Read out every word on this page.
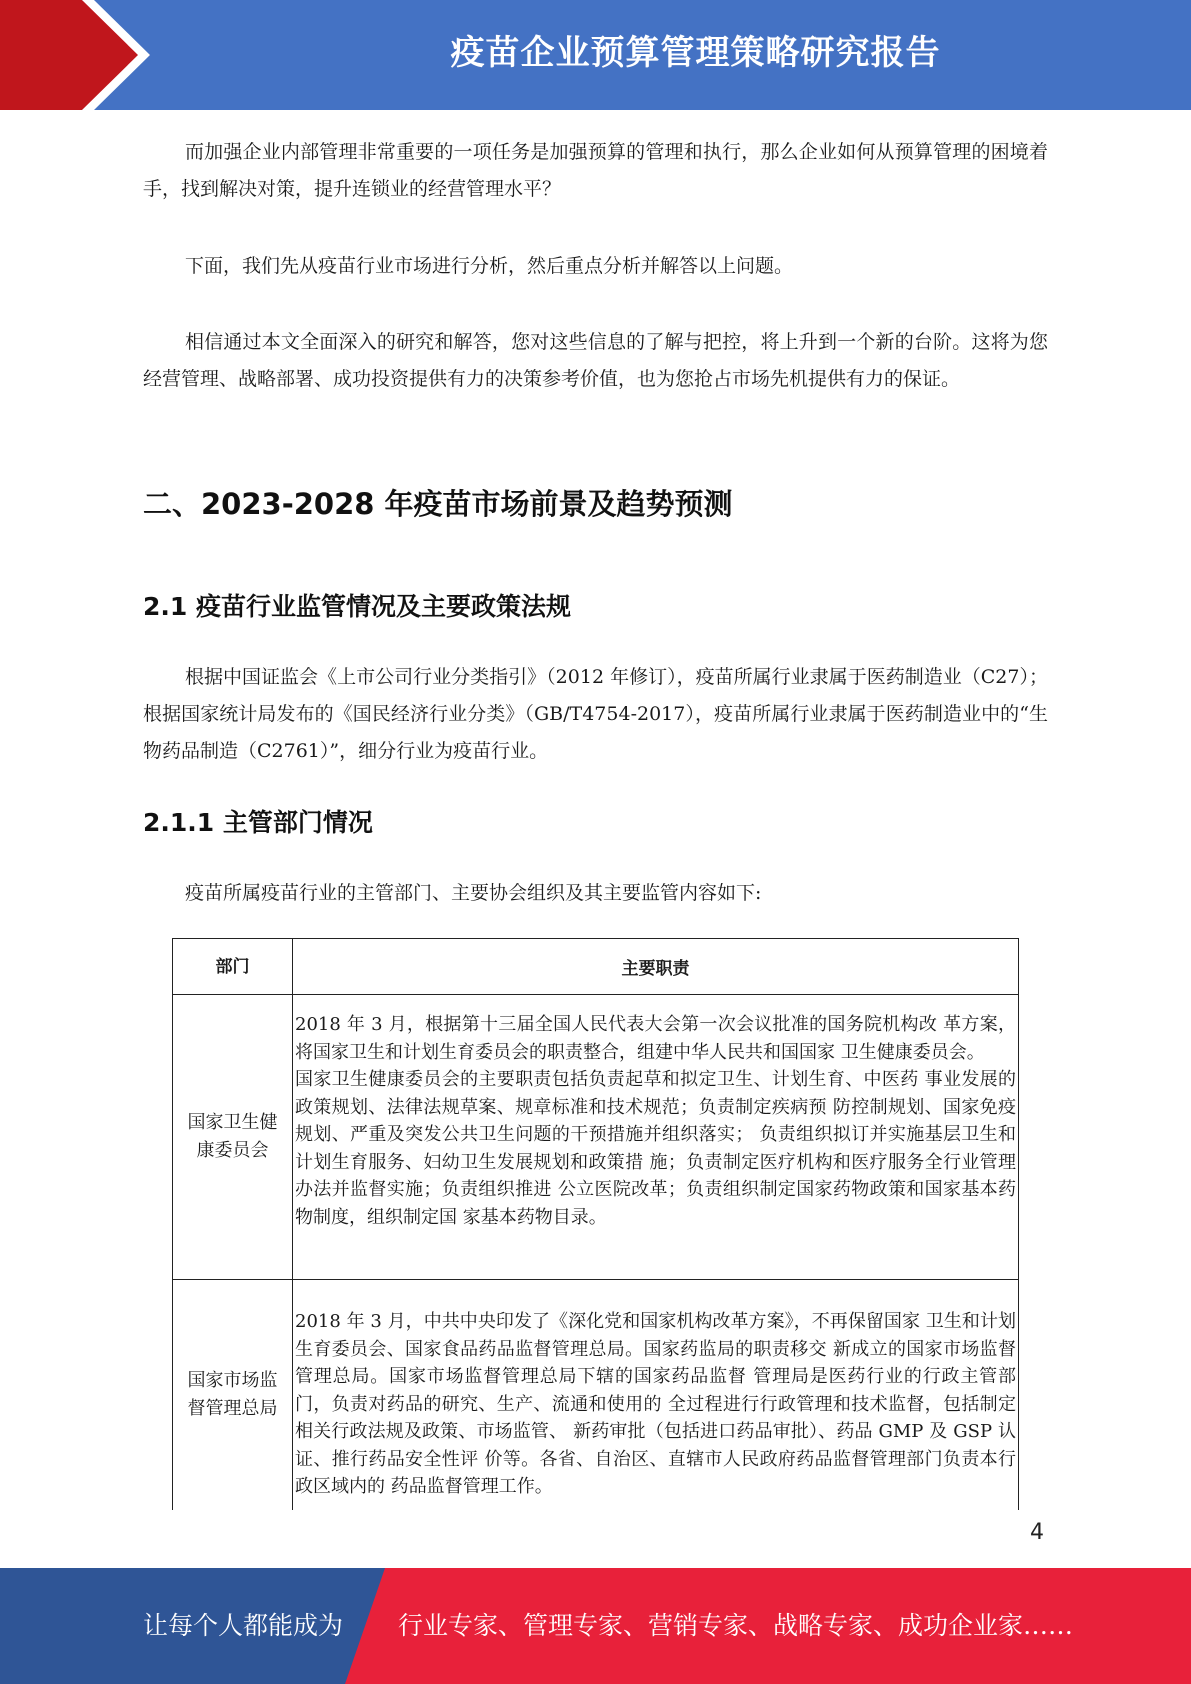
疫苗企业预算管理策略研究报告

而加强企业内部管理非常重要的一项任务是加强预算的管理和执行，那么企业如何从预算管理的困境着手，找到解决对策，提升连锁业的经营管理水平？

下面，我们先从疫苗行业市场进行分析，然后重点分析并解答以上问题。

相信通过本文全面深入的研究和解答，您对这些信息的了解与把控，将上升到一个新的台阶。这将为您经营管理、战略部署、成功投资提供有力的决策参考价值，也为您抢占市场先机提供有力的保证。

二、2023-2028 年疫苗市场前景及趋势预测
2.1 疫苗行业监管情况及主要政策法规

根据中国证监会《上市公司行业分类指引》（2012 年修订），疫苗所属行业隶属于医药制造业（C27）；根据国家统计局发布的《国民经济行业分类》（GB/T4754-2017），疫苗所属行业隶属于医药制造业中的“生物药品制造（C2761）”，细分行业为疫苗行业。

2.1.1 主管部门情况

疫苗所属疫苗行业的主管部门、主要协会组织及其主要监管内容如下:

部门	主要职责
国家卫生健康委员会	2018 年 3 月，根据第十三届全国人民代表大会第一次会议批准的国务院机构改 革方案，将国家卫生和计划生育委员会的职责整合，组建中华人民共和国国家 卫生健康委员会。
国家卫生健康委员会的主要职责包括负责起草和拟定卫生、计划生育、中医药 事业发展的政策规划、法律法规草案、规章标准和技术规范；负责制定疾病预 防控制规划、国家免疫规划、严重及突发公共卫生问题的干预措施并组织落实； 负责组织拟订并实施基层卫生和计划生育服务、妇幼卫生发展规划和政策措 施；负责制定医疗机构和医疗服务全行业管理办法并监督实施；负责组织推进 公立医院改革；负责组织制定国家药物政策和国家基本药物制度，组织制定国 家基本药物目录。
国家市场监督管理总局	2018 年 3 月，中共中央印发了《深化党和国家机构改革方案》，不再保留国家 卫生和计划生育委员会、国家食品药品监督管理总局。国家药监局的职责移交 新成立的国家市场监督管理总局。国家市场监督管理总局下辖的国家药品监督 管理局是医药行业的行政主管部门，负责对药品的研究、生产、流通和使用的 全过程进行行政管理和技术监督，包括制定相关行政法规及政策、市场监管、 新药审批（包括进口药品审批）、药品 GMP 及 GSP 认证、推行药品安全性评 价等。各省、自治区、直辖市人民政府药品监督管理部门负责本行政区域内的 药品监督管理工作。
4
让每个人都能成为 行业专家、管理专家、营销专家、战略专家、成功企业家……
